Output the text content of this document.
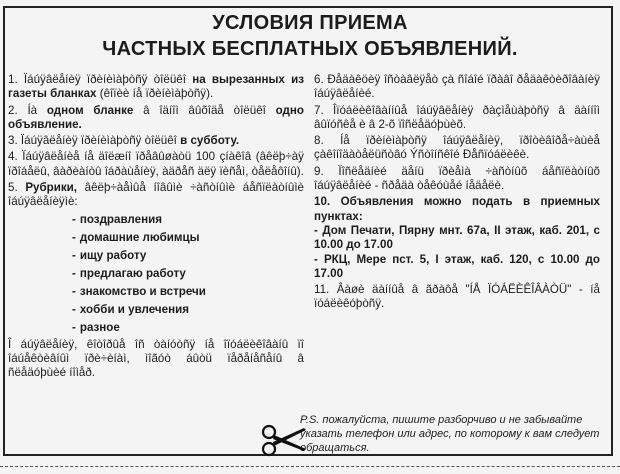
УСЛОВИЯ ПРИЕМА
ЧАСТНЫХ БЕСПЛАТНЫХ ОБЪЯВЛЕНИЙ.

1. Ïáúÿâëåíèÿ ïðèíèìàþòñÿ òîëüêî на вырезанных из газеты бланках (êîïèè íå ïðèíèìàþòñÿ).

2. Íà одном бланке â îäíîì âûõîäå òîëüêî одно объявление.

3. Ïáúÿâëåíèÿ ïðèíèìàþòñÿ òîëüêî в субботу.

4. Ïáúÿâëåíèå íå äîëæíî ïðåâûøàòü 100 çíàêîâ (âêëþ÷àÿ ïðîáåëû, âàðèàíòû îáðàùåíèÿ, àäðåñ äëÿ ïèñåì, òåëåôîíû).

5. Рубрики, âêëþ÷àåìûå íîâûìè ÷àñòíûìè áåñïëàòíûìè îáúÿâëåíèÿìè:

- поздравления
- домашние любимцы
- ищу работу
- предлагаю работу
- знакомство и встречи
- хобби и увлечения
- разное

Î áúÿâëåíèÿ, êîòîðûå îñ òàíóòñÿ íå îïóáëèêîâàíû ïî îáúåêòèâíûì ïðè÷èíàì, ìîãóò áûòü ïåðåíåñåíû â ñëåäóþùèé íîìåð.

6. Ðåäàêöèÿ îñòàâëÿåò çà ñîáîé ïðàâî ðåäàêòèðîâàíèÿ îáúÿâëåíèé.

7. Îïóáëèêîâàííûå îáúÿâëåíèÿ ðàçìåùàþòñÿ â äàííîì âûïóñêå è â 2-õ ïîñëåäóþùèõ.

8. Íå ïðèíèìàþòñÿ îáúÿâëåíèÿ, ïðîòèâîðå÷àùèå çàêîíîäàòåëüñòâó Ýñòîíñêîé Ðåñïóáëèêè.

9. Ïîñëåäíèé äåíü ïðèåìà ÷àñòíûõ áåñïëàòíûõ îáúÿâëåíèé - ñðåäà òåêóùåé íåäåëè.

10. Объявления можно подать в приемных пунктах:
- Дом Печати, Пярну мнт. 67а, II этаж, каб. 201, с 10.00 до 17.00
- РКЦ, Мере пст. 5, I этаж, каб. 120, с 10.00 до 17.00

11. Âàøè äàííûå â ãðàôå "ÍÅ ÏÓÁËÈÊÎÂÀÒÜ" - íå ïóáëèêóþòñÿ.

P.S. пожалуйста, пишите разборчиво и не забывайте указать телефон или адрес, по которому к вам следует обращаться.
